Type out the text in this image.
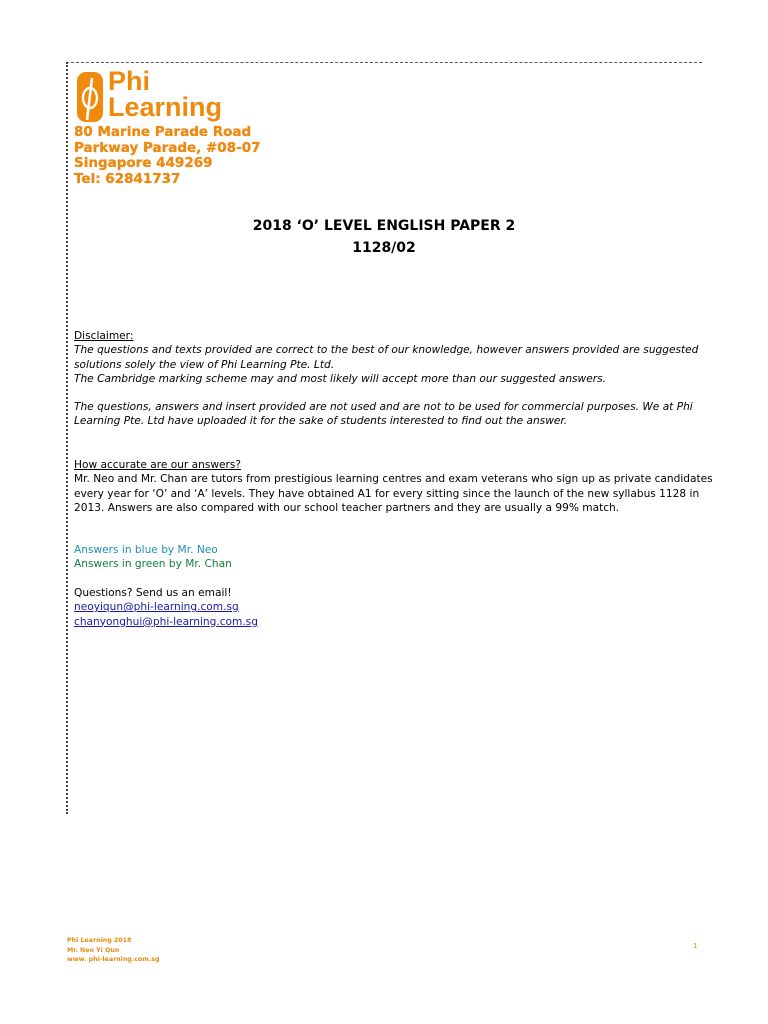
Phi
Learning
80 Marine Parade Road
Parkway Parade, #08-07
Singapore 449269
Tel: 62841737
2018 ‘O’ LEVEL ENGLISH PAPER 2
1128/02
Disclaimer:
The questions and texts provided are correct to the best of our knowledge, however answers provided are suggested solutions solely the view of Phi Learning Pte. Ltd.
The Cambridge marking scheme may and most likely will accept more than our suggested answers.
The questions, answers and insert provided are not used and are not to be used for commercial purposes. We at Phi Learning Pte. Ltd have uploaded it for the sake of students interested to find out the answer.
How accurate are our answers?
Mr. Neo and Mr. Chan are tutors from prestigious learning centres and exam veterans who sign up as private candidates every year for ‘O’ and ‘A’ levels. They have obtained A1 for every sitting since the launch of the new syllabus 1128 in 2013. Answers are also compared with our school teacher partners and they are usually a 99% match.
Answers in blue by Mr. Neo
Answers in green by Mr. Chan
Questions? Send us an email!
neoyiqun@phi-learning.com.sg
chanyonghui@phi-learning.com.sg
Phi Learning 2018
Mr. Neo Yi Qun
www. phi-learning.com.sg
1
